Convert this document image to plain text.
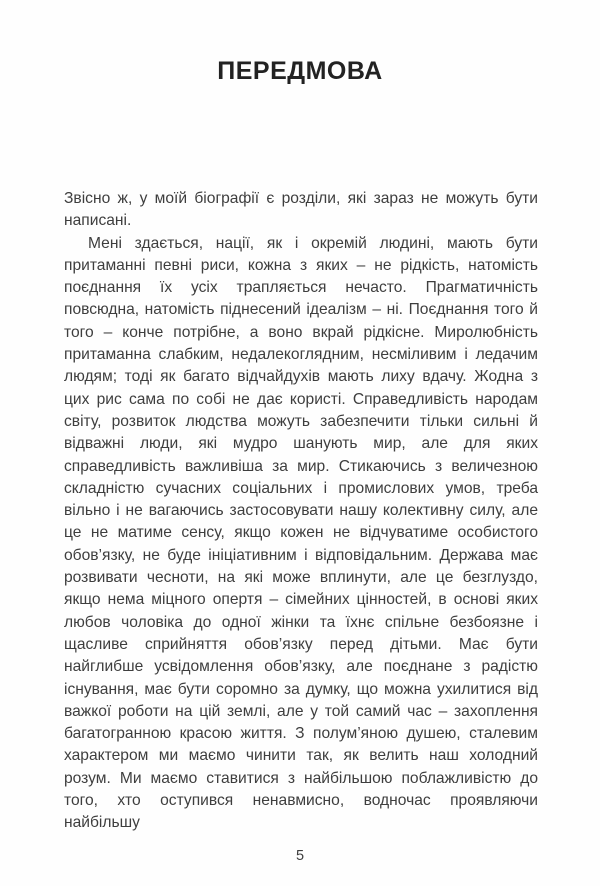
ПЕРЕДМОВА

Звісно ж, у моїй біографії є розділи, які зараз не можуть бути написані.

Мені здається, нації, як і окремій людині, мають бути притаманні певні риси, кожна з яких – не рідкість, натомість поєднання їх усіх трапляється нечасто. Прагматичність повсюдна, натомість піднесений ідеалізм – ні. Поєднання того й того – конче потрібне, а воно вкрай рідкісне. Миролюбність притаманна слабким, недалекоглядним, несміливим і ледачим людям; тоді як багато відчайдухів мають лиху вдачу. Жодна з цих рис сама по собі не дає користі. Справедливість народам світу, розвиток людства можуть забезпечити тільки сильні й відважні люди, які мудро шанують мир, але для яких справедливість важливіша за мир. Стикаючись з величезною складністю сучасних соціальних і промислових умов, треба вільно і не вагаючись застосовувати нашу колективну силу, але це не матиме сенсу, якщо кожен не відчуватиме особистого обов’язку, не буде ініціативним і відповідальним. Держава має розвивати чесноти, на які може вплинути, але це безглуздо, якщо нема міцного опертя – сімейних цінностей, в основі яких любов чоловіка до одної жінки та їхнє спільне безбоязне і щасливе сприйняття обов’язку перед дітьми. Має бути найглибше усвідомлення обов’язку, але поєднане з радістю існування, має бути соромно за думку, що можна ухилитися від важкої роботи на цій землі, але у той самий час – захоплення багатогранною красою життя. З полум’яною душею, сталевим характером ми маємо чинити так, як велить наш холодний розум. Ми маємо ставитися з найбільшою поблажливістю до того, хто оступився ненавмисно, водночас проявляючи найбільшу

5
